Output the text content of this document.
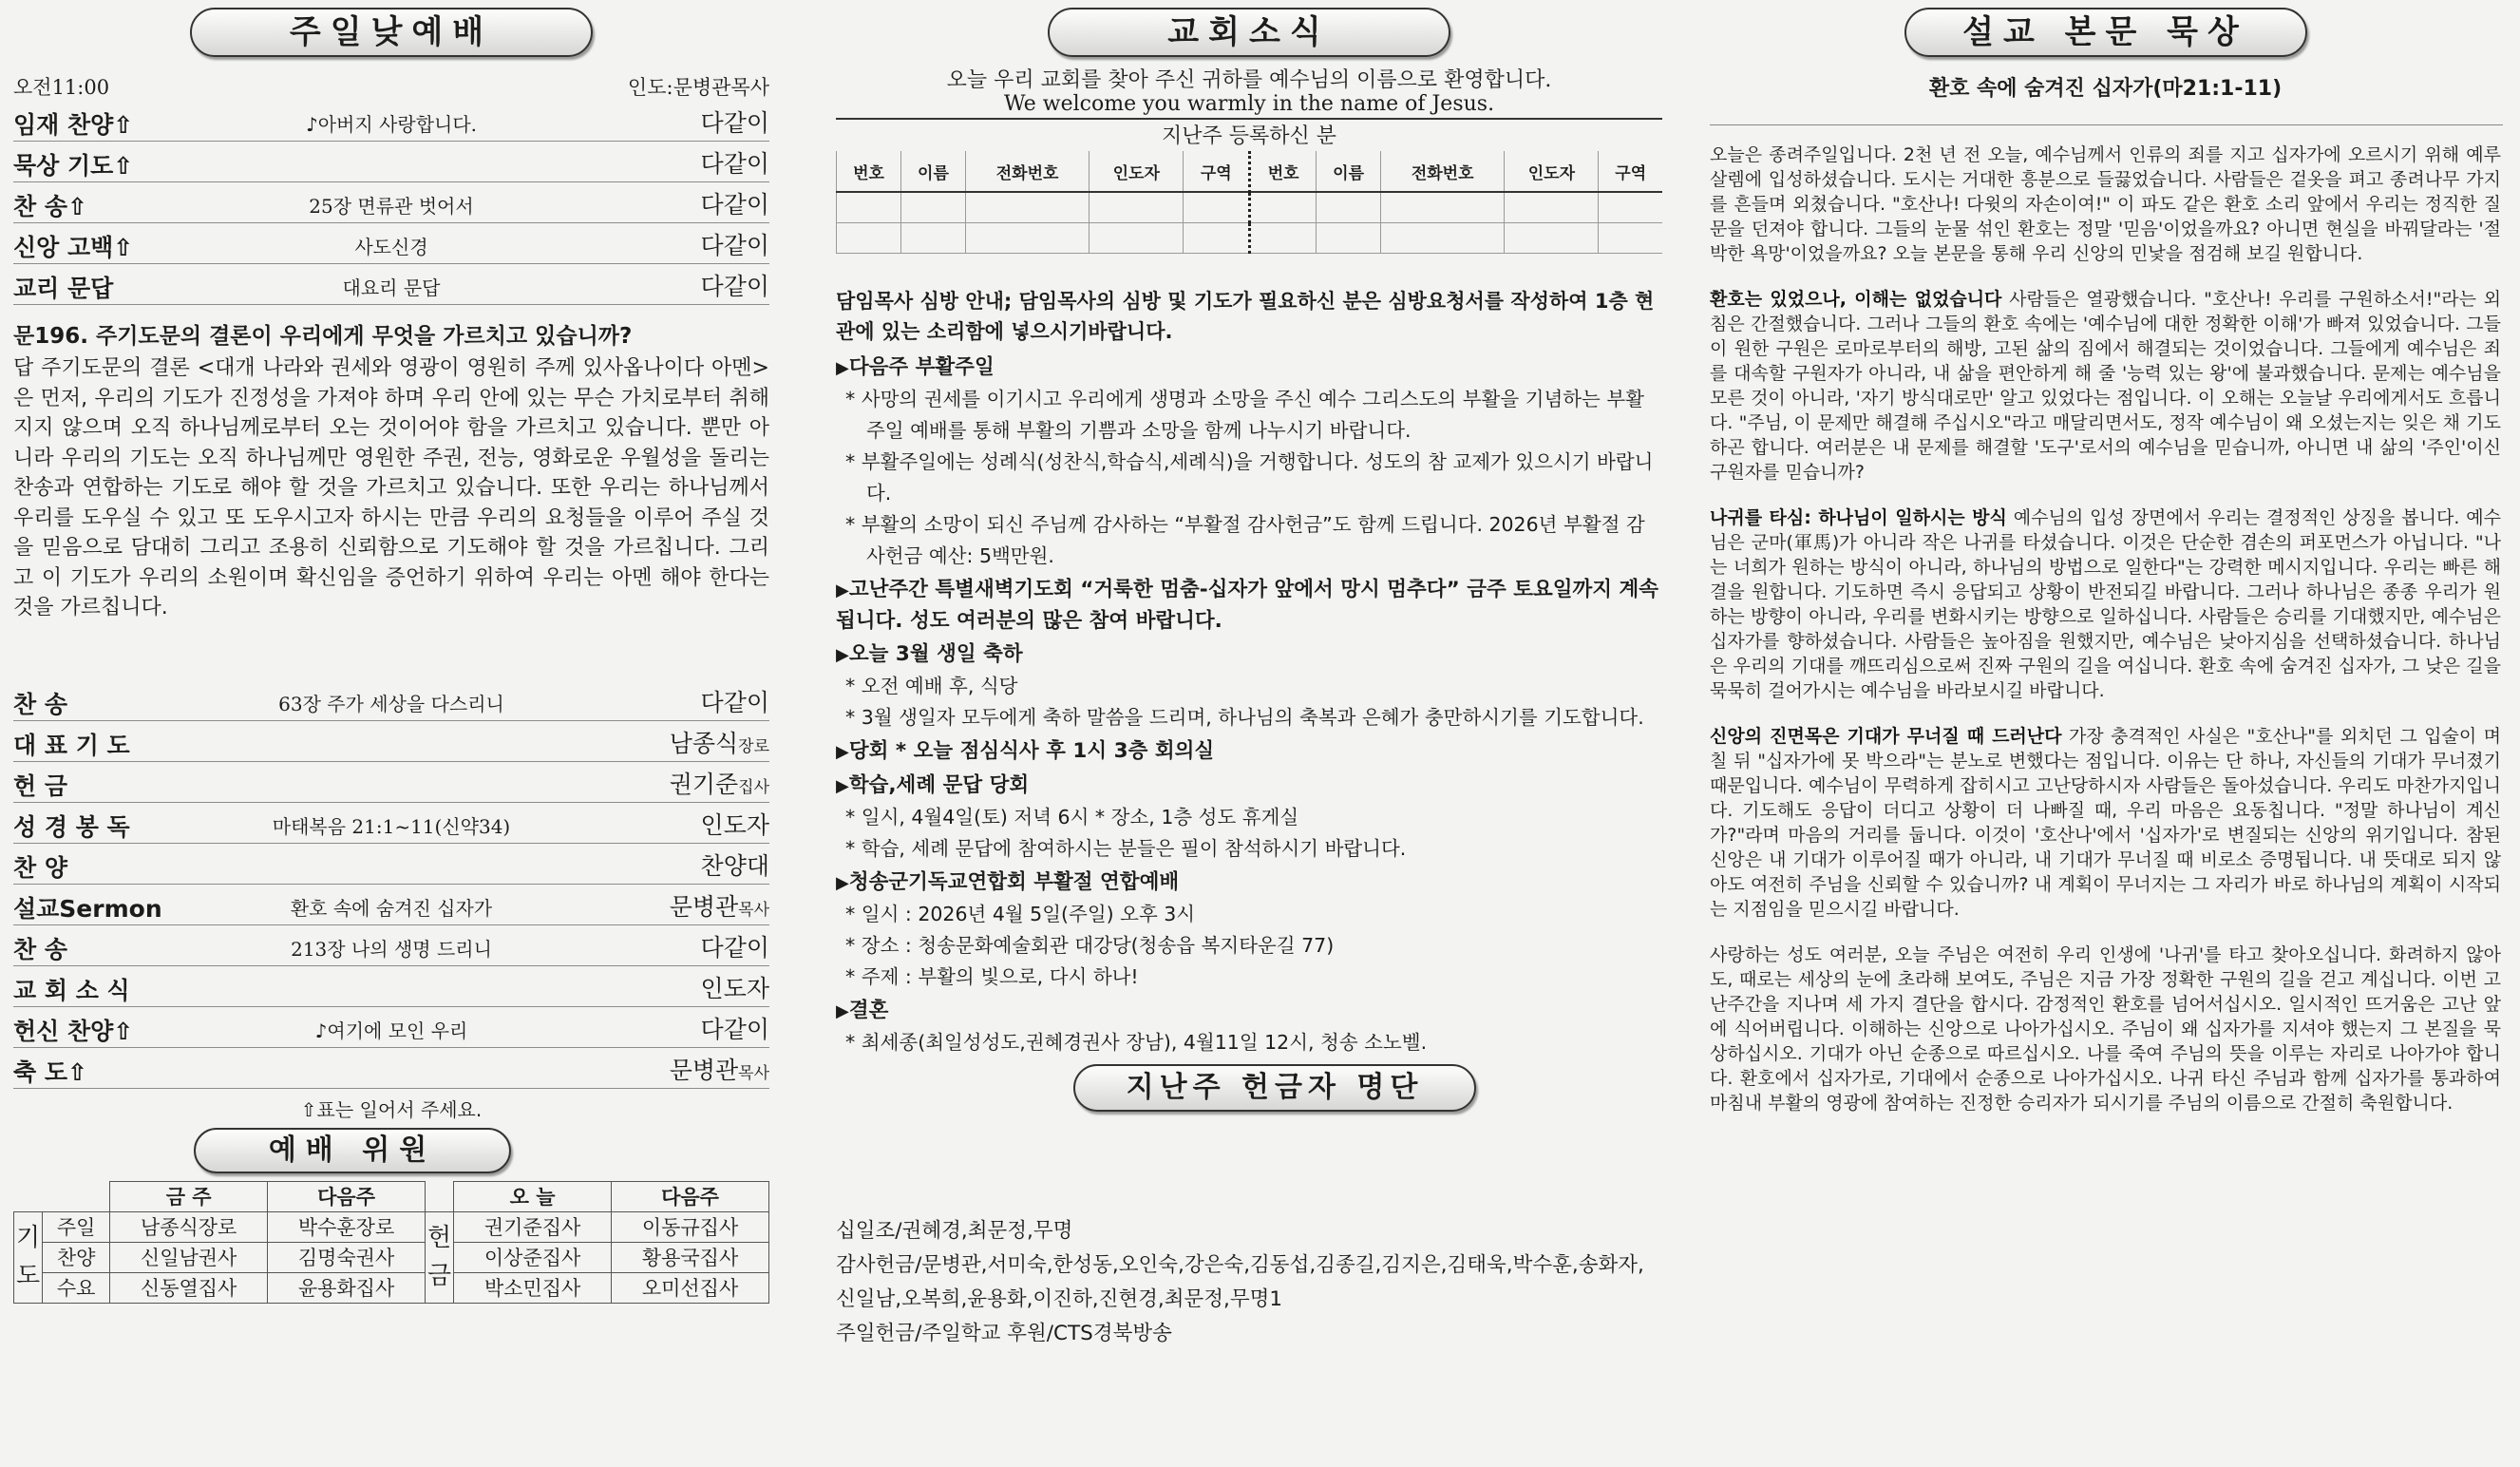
주일낮예배
오전11:00	인도:문병관목사
임재 찬양⇧	♪아버지 사랑합니다.	다같이
묵상 기도⇧	다같이
찬 송⇧	25장 면류관 벗어서	다같이
신앙 고백⇧	사도신경	다같이
교리 문답	대요리 문답	다같이
문196. 주기도문의 결론이 우리에게 무엇을 가르치고 있습니까?
답 주기도문의 결론 <대개 나라와 권세와 영광이 영원히 주께 있사옵나이다 아멘>은 먼저, 우리의 기도가 진정성을 가져야 하며 우리 안에 있는 무슨 가치로부터 취해지지 않으며 오직 하나님께로부터 오는 것이어야 함을 가르치고 있습니다. 뿐만 아니라 우리의 기도는 오직 하나님께만 영원한 주권, 전능, 영화로운 우월성을 돌리는 찬송과 연합하는 기도로 해야 할 것을 가르치고 있습니다. 또한 우리는 하나님께서 우리를 도우실 수 있고 또 도우시고자 하시는 만큼 우리의 요청들을 이루어 주실 것을 믿음으로 담대히 그리고 조용히 신뢰함으로 기도해야 할 것을 가르칩니다. 그리고 이 기도가 우리의 소원이며 확신임을 증언하기 위하여 우리는 아멘 해야 한다는 것을 가르칩니다.
찬 송	63장 주가 세상을 다스리니	다같이
대 표 기 도	남종식장로
헌 금	권기준집사
성 경 봉 독	마태복음 21:1~11(신약34)	인도자
찬 양	찬양대
설교Sermon	환호 속에 숨겨진 십자가	문병관목사
찬 송	213장 나의 생명 드리니	다같이
교 회 소 식	인도자
헌신 찬양⇧	♪여기에 모인 우리	다같이
축 도⇧	문병관목사
⇧표는 일어서 주세요.
예배 위원
		금 주	다음주		오 늘	다음주
기도	주일	남종식장로	박수훈장로	헌금	권기준집사	이동규집사
	찬양	신일남권사	김명숙권사		이상준집사	황용국집사
	수요	신동열집사	윤용화집사		박소민집사	오미선집사
교회소식
오늘 우리 교회를 찾아 주신 귀하를 예수님의 이름으로 환영합니다.
We welcome you warmly in the name of Jesus.
지난주 등록하신 분
번호	이름	전화번호	인도자	구역	번호	이름	전화번호	인도자	구역

담임목사 심방 안내; 담임목사의 심방 및 기도가 필요하신 분은 심방요청서를 작성하여 1층 현관에 있는 소리함에 넣으시기바랍니다.
▶ 다음주 부활주일
* 사망의 권세를 이기시고 우리에게 생명과 소망을 주신 예수 그리스도의 부활을 기념하는 부활주일 예배를 통해 부활의 기쁨과 소망을 함께 나누시기 바랍니다.
* 부활주일에는 성례식(성찬식,학습식,세례식)을 거행합니다. 성도의 참 교제가 있으시기 바랍니다.
* 부활의 소망이 되신 주님께 감사하는 “부활절 감사헌금”도 함께 드립니다. 2026년 부활절 감사헌금 예산: 5백만원.
▶ 고난주간 특별새벽기도회 “거룩한 멈춤-십자가 앞에서 망시 멈추다” 금주 토요일까지 계속됩니다. 성도 여러분의 많은 참여 바랍니다.
▶ 오늘 3월 생일 축하
* 오전 예배 후, 식당
* 3월 생일자 모두에게 축하 말씀을 드리며, 하나님의 축복과 은혜가 충만하시기를 기도합니다.
▶ 당회 * 오늘 점심식사 후 1시 3층 회의실
▶ 학습,세례 문답 당회
* 일시, 4월4일(토) 저녁 6시 * 장소, 1층 성도 휴게실
* 학습, 세례 문답에 참여하시는 분들은 필이 참석하시기 바랍니다.
▶ 청송군기독교연합회 부활절 연합예배
* 일시 : 2026년 4월 5일(주일) 오후 3시
* 장소 : 청송문화예술회관 대강당(청송읍 복지타운길 77)
* 주제 : 부활의 빛으로, 다시 하나!
▶ 결혼
* 최세종(최일성성도,권혜경권사 장남), 4월11일 12시, 청송 소노벨.
지난주 헌금자 명단
십일조/권혜경,최문정,무명
감사헌금/문병관,서미숙,한성동,오인숙,강은숙,김동섭,김종길,김지은,김태욱,박수훈,송화자,신일남,오복희,윤용화,이진하,진현경,최문정,무명1
주일헌금/주일학교 후원/CTS경북방송
설교 본문 묵상
환호 속에 숨겨진 십자가(마21:1-11)

오늘은 종려주일입니다. 2천 년 전 오늘, 예수님께서 인류의 죄를 지고 십자가에 오르시기 위해 예루살렘에 입성하셨습니다. 도시는 거대한 흥분으로 들끓었습니다. 사람들은 겉옷을 펴고 종려나무 가지를 흔들며 외쳤습니다. "호산나! 다윗의 자손이여!" 이 파도 같은 환호 소리 앞에서 우리는 정직한 질문을 던져야 합니다. 그들의 눈물 섞인 환호는 정말 '믿음'이었을까요? 아니면 현실을 바꿔달라는 '절박한 욕망'이었을까요? 오늘 본문을 통해 우리 신앙의 민낯을 점검해 보길 원합니다.

환호는 있었으나, 이해는 없었습니다 사람들은 열광했습니다. "호산나! 우리를 구원하소서!"라는 외침은 간절했습니다. 그러나 그들의 환호 속에는 '예수님에 대한 정확한 이해'가 빠져 있었습니다. 그들이 원한 구원은 로마로부터의 해방, 고된 삶의 짐에서 해결되는 것이었습니다. 그들에게 예수님은 죄를 대속할 구원자가 아니라, 내 삶을 편안하게 해 줄 '능력 있는 왕'에 불과했습니다. 문제는 예수님을 모른 것이 아니라, '자기 방식대로만' 알고 있었다는 점입니다. 이 오해는 오늘날 우리에게서도 흐릅니다. "주님, 이 문제만 해결해 주십시오"라고 매달리면서도, 정작 예수님이 왜 오셨는지는 잊은 채 기도하곤 합니다. 여러분은 내 문제를 해결할 '도구'로서의 예수님을 믿습니까, 아니면 내 삶의 '주인'이신 구원자를 믿습니까?

나귀를 타심: 하나님이 일하시는 방식 예수님의 입성 장면에서 우리는 결정적인 상징을 봅니다. 예수님은 군마(軍馬)가 아니라 작은 나귀를 타셨습니다. 이것은 단순한 겸손의 퍼포먼스가 아닙니다. "나는 너희가 원하는 방식이 아니라, 하나님의 방법으로 일한다"는 강력한 메시지입니다. 우리는 빠른 해결을 원합니다. 기도하면 즉시 응답되고 상황이 반전되길 바랍니다. 그러나 하나님은 종종 우리가 원하는 방향이 아니라, 우리를 변화시키는 방향으로 일하십니다. 사람들은 승리를 기대했지만, 예수님은 십자가를 향하셨습니다. 사람들은 높아짐을 원했지만, 예수님은 낮아지심을 선택하셨습니다. 하나님은 우리의 기대를 깨뜨리심으로써 진짜 구원의 길을 여십니다. 환호 속에 숨겨진 십자가, 그 낮은 길을 묵묵히 걸어가시는 예수님을 바라보시길 바랍니다.

신앙의 진면목은 기대가 무너질 때 드러난다 가장 충격적인 사실은 "호산나"를 외치던 그 입술이 며칠 뒤 "십자가에 못 박으라"는 분노로 변했다는 점입니다. 이유는 단 하나, 자신들의 기대가 무너졌기 때문입니다. 예수님이 무력하게 잡히시고 고난당하시자 사람들은 돌아섰습니다. 우리도 마찬가지입니다. 기도해도 응답이 더디고 상황이 더 나빠질 때, 우리 마음은 요동칩니다. "정말 하나님이 계신가?"라며 마음의 거리를 둡니다. 이것이 '호산나'에서 '십자가'로 변질되는 신앙의 위기입니다. 참된 신앙은 내 기대가 이루어질 때가 아니라, 내 기대가 무너질 때 비로소 증명됩니다. 내 뜻대로 되지 않아도 여전히 주님을 신뢰할 수 있습니까? 내 계획이 무너지는 그 자리가 바로 하나님의 계획이 시작되는 지점임을 믿으시길 바랍니다.

사랑하는 성도 여러분, 오늘 주님은 여전히 우리 인생에 '나귀'를 타고 찾아오십니다. 화려하지 않아도, 때로는 세상의 눈에 초라해 보여도, 주님은 지금 가장 정확한 구원의 길을 걷고 계십니다. 이번 고난주간을 지나며 세 가지 결단을 합시다. 감정적인 환호를 넘어서십시오. 일시적인 뜨거움은 고난 앞에 식어버립니다. 이해하는 신앙으로 나아가십시오. 주님이 왜 십자가를 지셔야 했는지 그 본질을 묵상하십시오. 기대가 아닌 순종으로 따르십시오. 나를 죽여 주님의 뜻을 이루는 자리로 나아가야 합니다. 환호에서 십자가로, 기대에서 순종으로 나아가십시오. 나귀 타신 주님과 함께 십자가를 통과하여 마침내 부활의 영광에 참여하는 진정한 승리자가 되시기를 주님의 이름으로 간절히 축원합니다.
